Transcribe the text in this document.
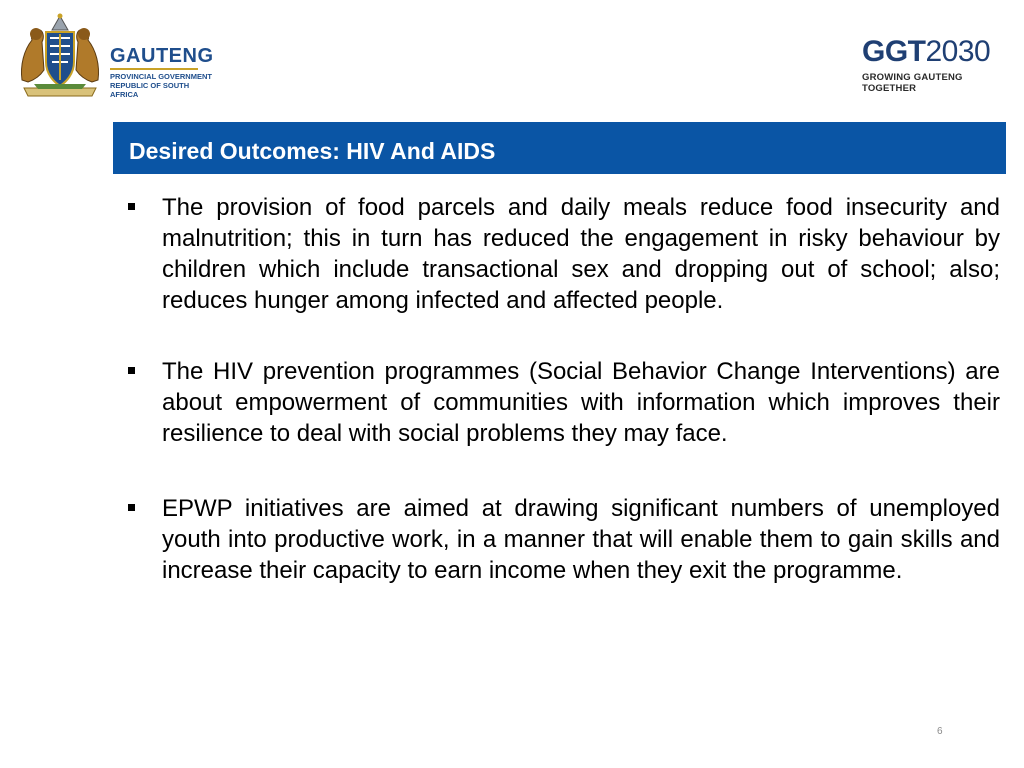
GAUTENG
PROVINCIAL GOVERNMENT
REPUBLIC OF SOUTH AFRICA
GGT2030
GROWING GAUTENG TOGETHER
Desired Outcomes: HIV And AIDS
The provision of food parcels and daily meals reduce food insecurity and malnutrition; this in turn has reduced the engagement in risky behaviour by children which include transactional sex and dropping out of school; also; reduces hunger among infected and affected people.
The HIV prevention programmes (Social Behavior Change Interventions) are about empowerment of communities with information which improves their resilience to deal with social problems they may face.
EPWP initiatives are aimed at drawing significant numbers of unemployed youth into productive work, in a manner that will enable them to gain skills and increase their capacity to earn income when they exit the programme.
6
